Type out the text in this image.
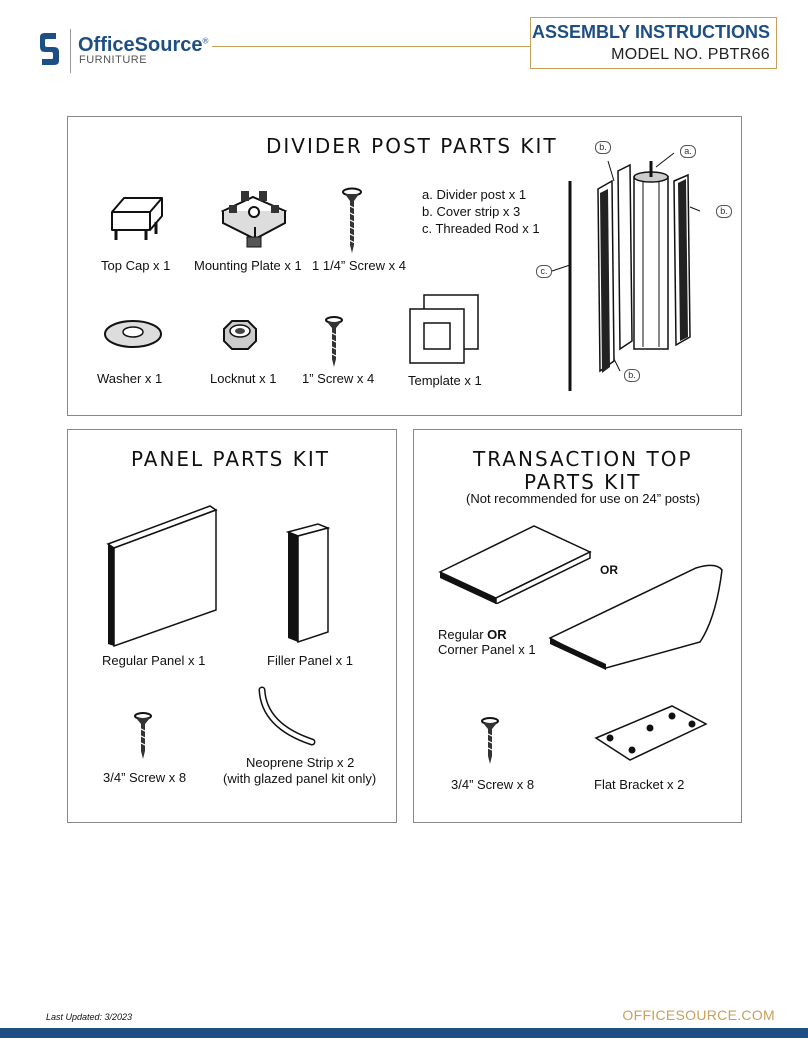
OfficeSource®
FURNITURE
ASSEMBLY INSTRUCTIONS
MODEL NO. PBTR66
DIVIDER POST PARTS KIT
Top Cap x 1 Mounting Plate x 1 1 1/4” Screw x 4
a. Divider post x 1
b. Cover strip x 3
c. Threaded Rod x 1
Washer x 1	Locknut x 1 1” Screw x 4	Template x 1
b.	a.
b.
c.
b.
PANEL PARTS KIT
Regular Panel x 1	Filler Panel x 1
3/4” Screw x 8
Neoprene Strip x 2
(with glazed panel kit only)
TRANSACTION TOP
PARTS KIT
(Not recommended for use on 24” posts)
OR
Regular OR
Corner Panel x 1
3/4” Screw x 8	Flat Bracket x 2
Last Updated: 3/2023	OFFICESOURCE.COM
